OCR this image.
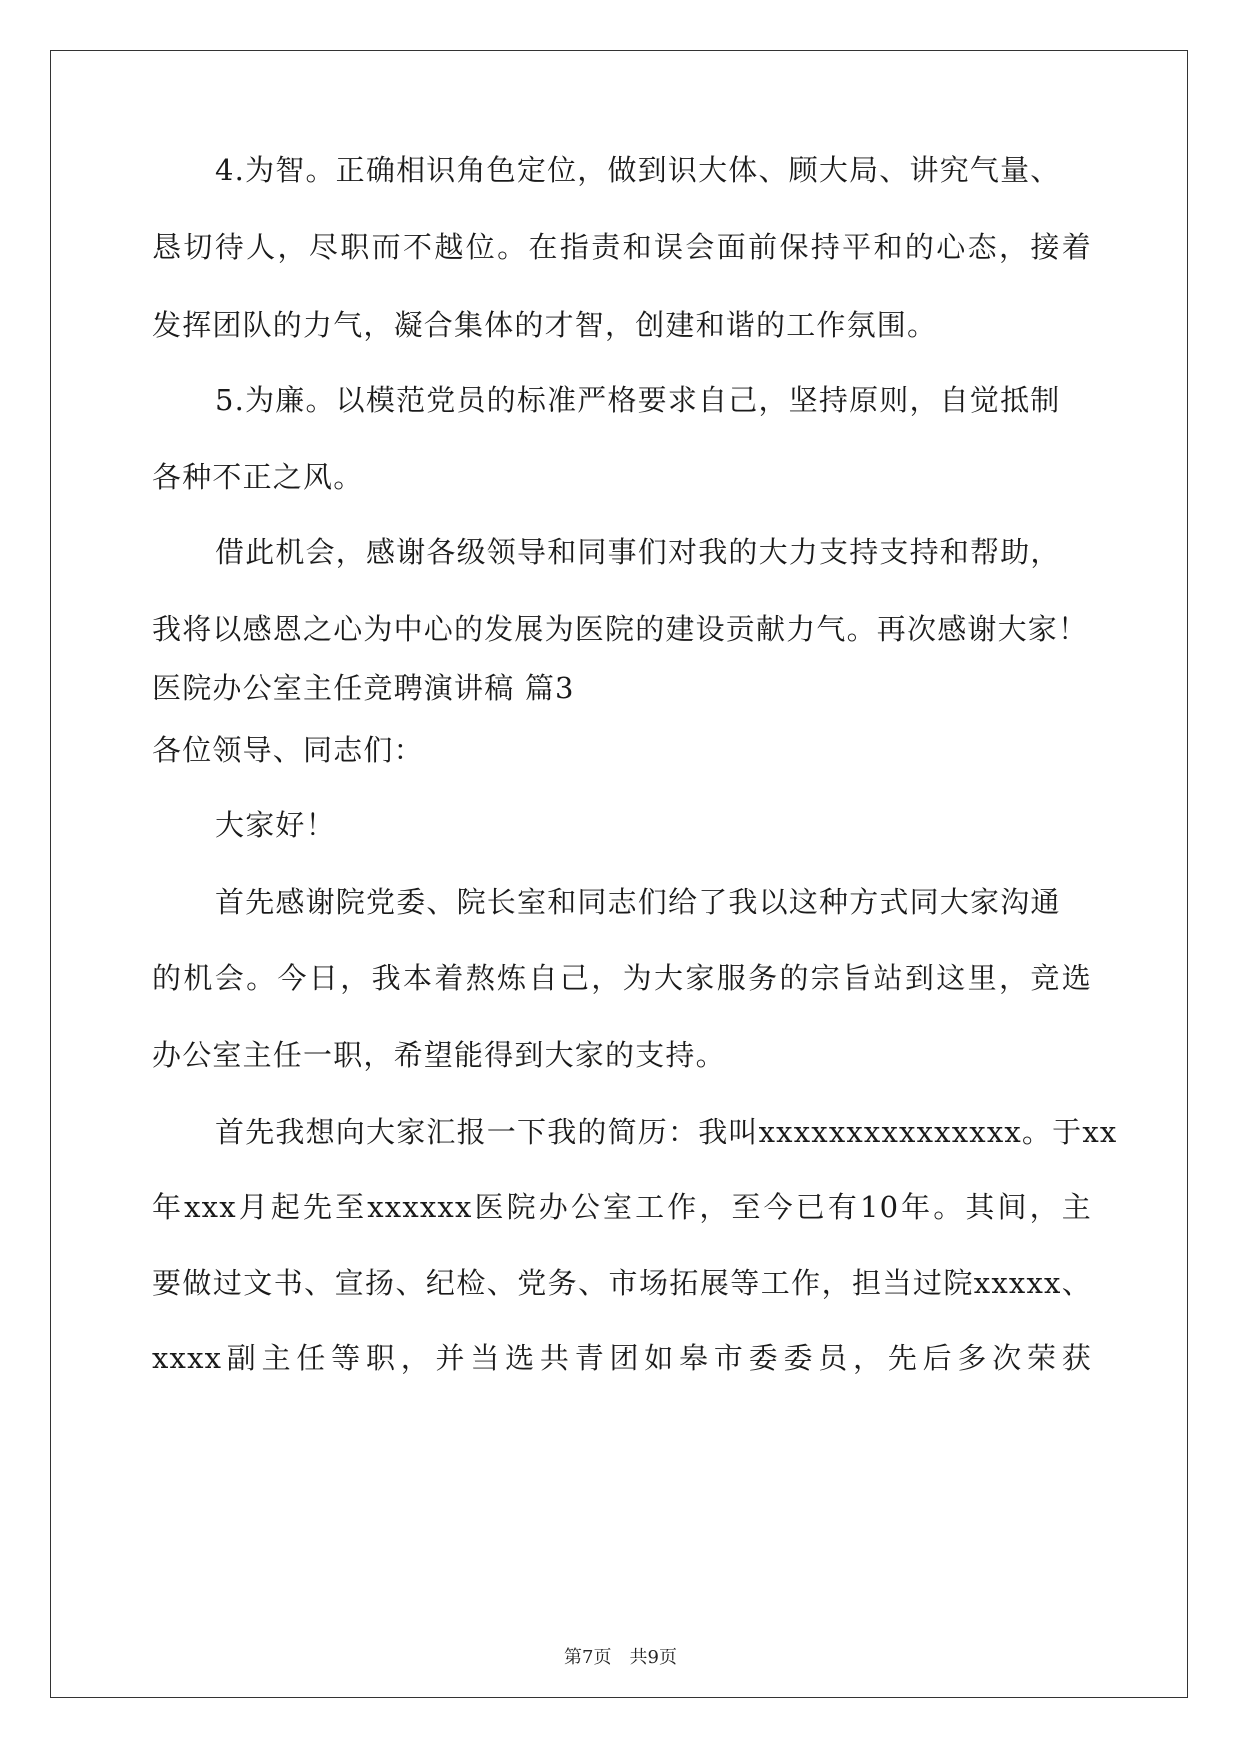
4.为智。正确相识角色定位，做到识大体、顾大局、讲究气量、
恳切待人，尽职而不越位。在指责和误会面前保持平和的心态，接着
发挥团队的力气，凝合集体的才智，创建和谐的工作氛围。
5.为廉。以模范党员的标准严格要求自己，坚持原则，自觉抵制
各种不正之风。
借此机会，感谢各级领导和同事们对我的大力支持支持和帮助，
我将以感恩之心为中心的发展为医院的建设贡献力气。再次感谢大家！
医院办公室主任竞聘演讲稿 篇3
各位领导、同志们：
大家好！
首先感谢院党委、院长室和同志们给了我以这种方式同大家沟通
的机会。今日，我本着熬炼自己，为大家服务的宗旨站到这里，竞选
办公室主任一职，希望能得到大家的支持。
首先我想向大家汇报一下我的简历：我叫xxxxxxxxxxxxxxx。于xx
年xxx月起先至xxxxxx医院办公室工作，至今已有10年。其间，主
要做过文书、宣扬、纪检、党务、市场拓展等工作，担当过院xxxxx、
xxxx副主任等职，并当选共青团如皋市委委员，先后多次荣获
第7页 共9页
